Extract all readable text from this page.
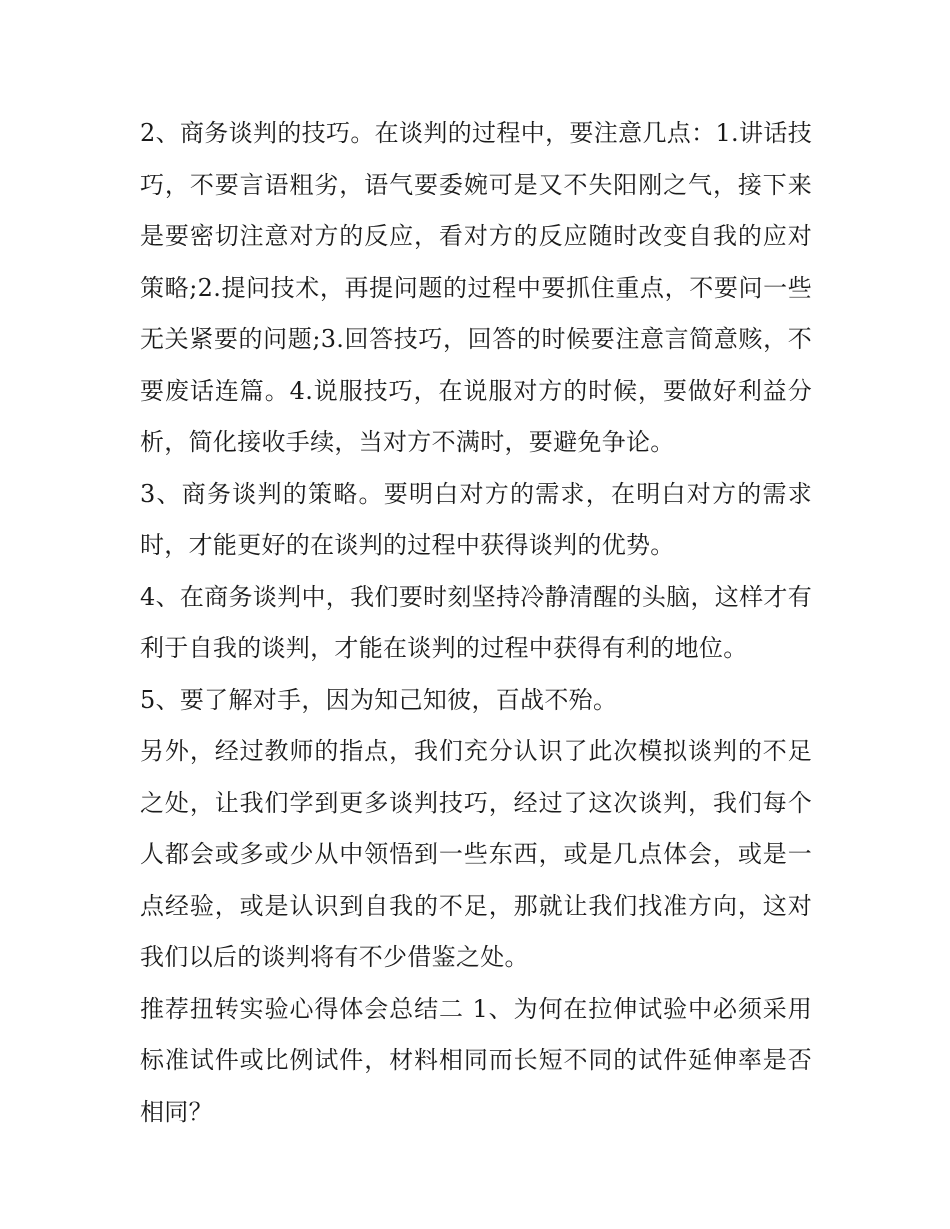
2、商务谈判的技巧。在谈判的过程中，要注意几点：1.讲话技巧，不要言语粗劣，语气要委婉可是又不失阳刚之气，接下来是要密切注意对方的反应，看对方的反应随时改变自我的应对策略;2.提问技术，再提问题的过程中要抓住重点，不要问一些无关紧要的问题;3.回答技巧，回答的时候要注意言简意赅，不要废话连篇。4.说服技巧，在说服对方的时候，要做好利益分析，简化接收手续，当对方不满时，要避免争论。

3、商务谈判的策略。要明白对方的需求，在明白对方的需求时，才能更好的在谈判的过程中获得谈判的优势。

4、在商务谈判中，我们要时刻坚持冷静清醒的头脑，这样才有利于自我的谈判，才能在谈判的过程中获得有利的地位。

5、要了解对手，因为知己知彼，百战不殆。

另外，经过教师的指点，我们充分认识了此次模拟谈判的不足之处，让我们学到更多谈判技巧，经过了这次谈判，我们每个人都会或多或少从中领悟到一些东西，或是几点体会，或是一点经验，或是认识到自我的不足，那就让我们找准方向，这对我们以后的谈判将有不少借鉴之处。

推荐扭转实验心得体会总结二 1、为何在拉伸试验中必须采用标准试件或比例试件，材料相同而长短不同的试件延伸率是否相同？
